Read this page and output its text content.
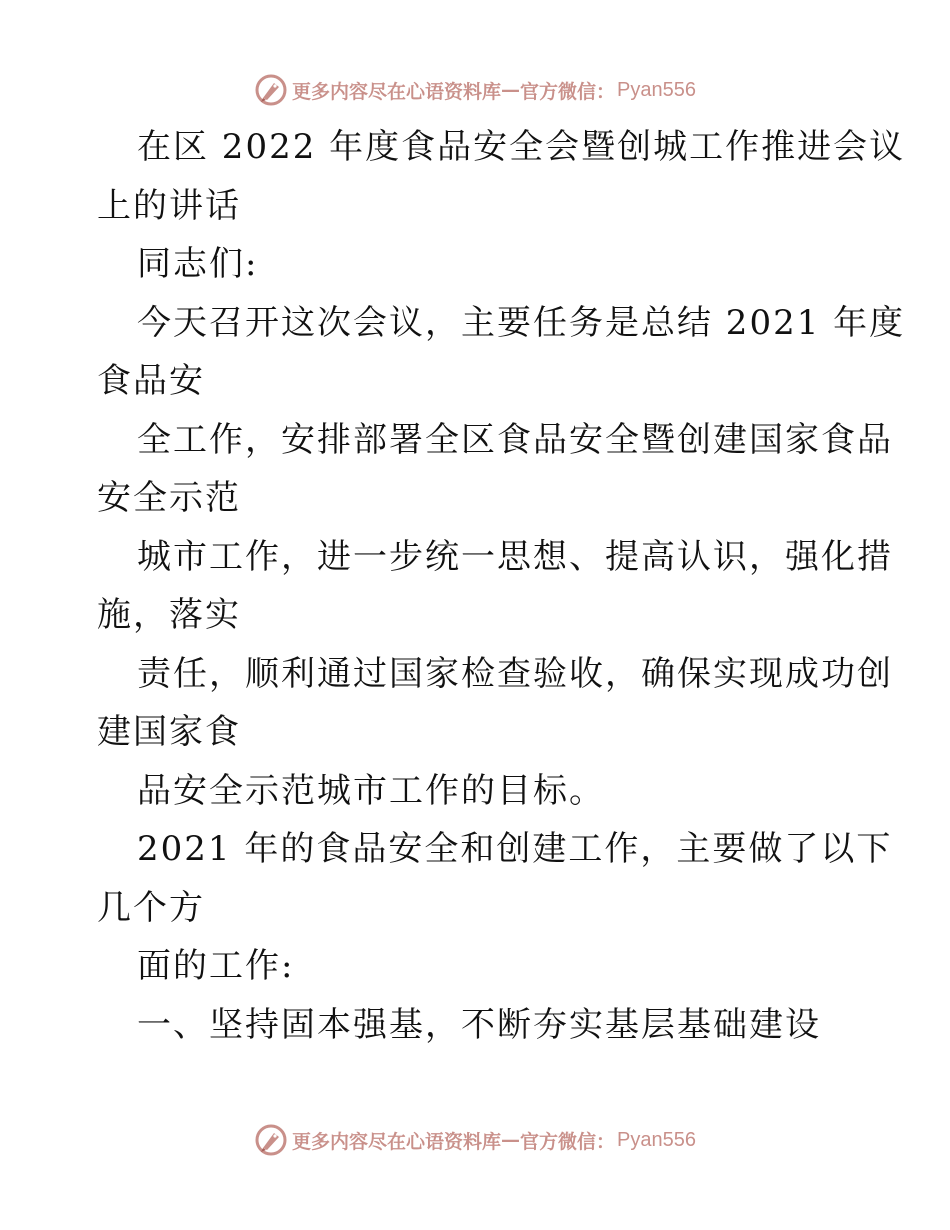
更多内容尽在心语资料库 — 官方微信： Pyan556
在区 2022 年度食品安全会暨创城工作推进会议
上的讲话
同志们:
今天召开这次会议，主要任务是总结 2021 年度
食品安
全工作，安排部署全区食品安全暨创建国家食品
安全示范
城市工作，进一步统一思想、提高认识，强化措
施，落实
责任，顺利通过国家检查验收，确保实现成功创
建国家食
品安全示范城市工作的目标。
2021 年的食品安全和创建工作，主要做了以下
几个方
面的工作:
一、坚持固本强基，不断夯实基层基础建设
更多内容尽在心语资料库 — 官方微信： Pyan556
